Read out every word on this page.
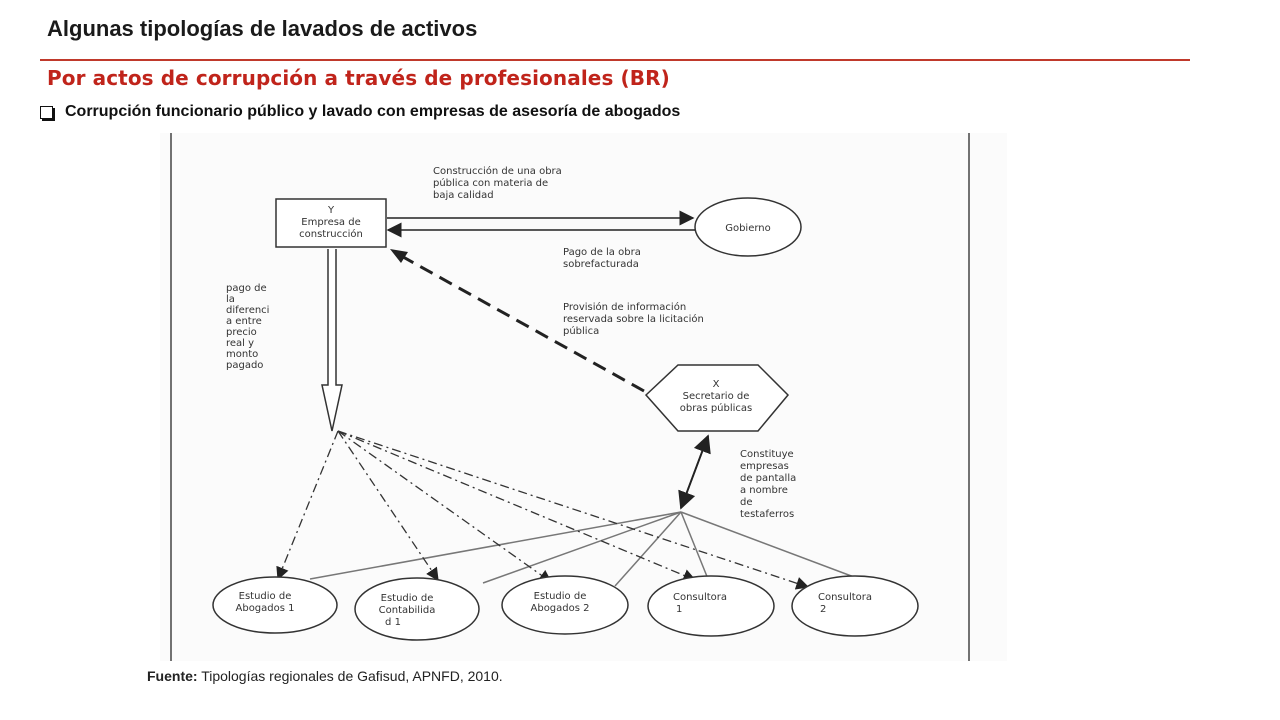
Algunas tipologías de lavados de activos
Por actos de corrupción a través de profesionales (BR)
Corrupción funcionario público y lavado con empresas de asesoría de abogados
Y
Empresa de
construcción
Gobierno
Construcción de una obra
pública con materia de
baja calidad
Pago de la obra
sobrefacturada
pago de
la
diferenci
a entre
precio
real y
monto
pagado
Provisión de información
reservada sobre la licitación
pública
X
Secretario de
obras públicas
Constituye
empresas
de pantalla
a nombre
de
testaferros
Estudio de
Abogados 1
Estudio de
Contabilida
d 1
Estudio de
Abogados 2
Consultora
1
Consultora
2
Fuente: Tipologías regionales de Gafisud, APNFD, 2010.
